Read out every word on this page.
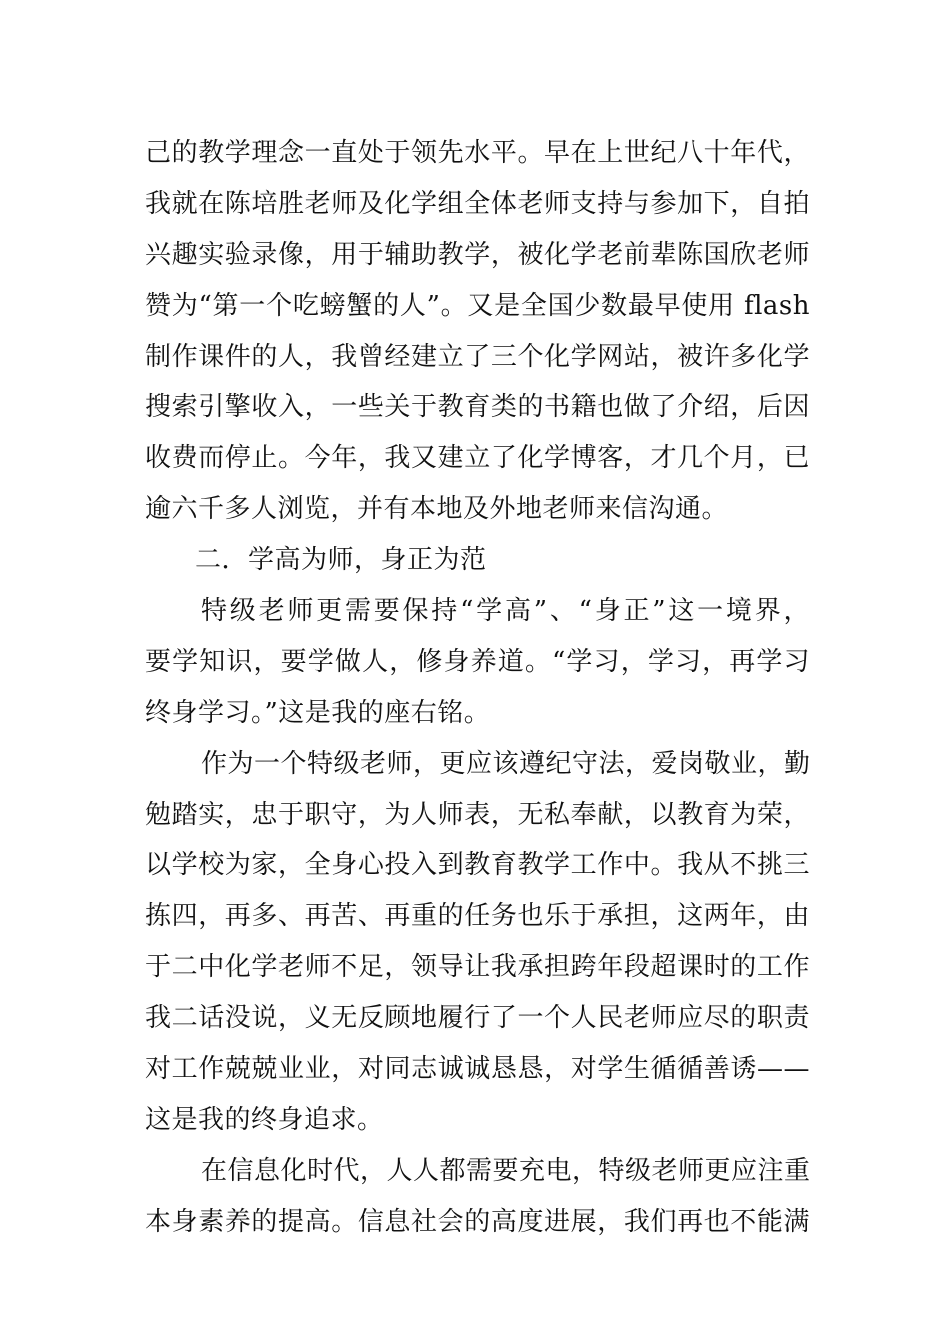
己的教学理念一直处于领先水平。早在上世纪八十年代，
我就在陈培胜老师及化学组全体老师支持与参加下，自拍
兴趣实验录像，用于辅助教学，被化学老前辈陈国欣老师
赞为“第一个吃螃蟹的人”。又是全国少数最早使用 flash
制作课件的人，我曾经建立了三个化学网站，被许多化学
搜索引擎收入，一些关于教育类的书籍也做了介绍，后因
收费而停止。今年，我又建立了化学博客，才几个月，已
逾六千多人浏览，并有本地及外地老师来信沟通。
二．学高为师，身正为范
特级老师更需要保持“学高”、“身正”这一境界，
要学知识，要学做人，修身养道。“学习，学习，再学习
终身学习。”这是我的座右铭。
作为一个特级老师，更应该遵纪守法，爱岗敬业，勤
勉踏实，忠于职守，为人师表，无私奉献，以教育为荣，
以学校为家，全身心投入到教育教学工作中。我从不挑三
拣四，再多、再苦、再重的任务也乐于承担，这两年，由
于二中化学老师不足，领导让我承担跨年段超课时的工作
我二话没说，义无反顾地履行了一个人民老师应尽的职责
对工作兢兢业业，对同志诚诚恳恳，对学生循循善诱——
这是我的终身追求。
在信息化时代，人人都需要充电，特级老师更应注重
本身素养的提高。信息社会的高度进展，我们再也不能满
